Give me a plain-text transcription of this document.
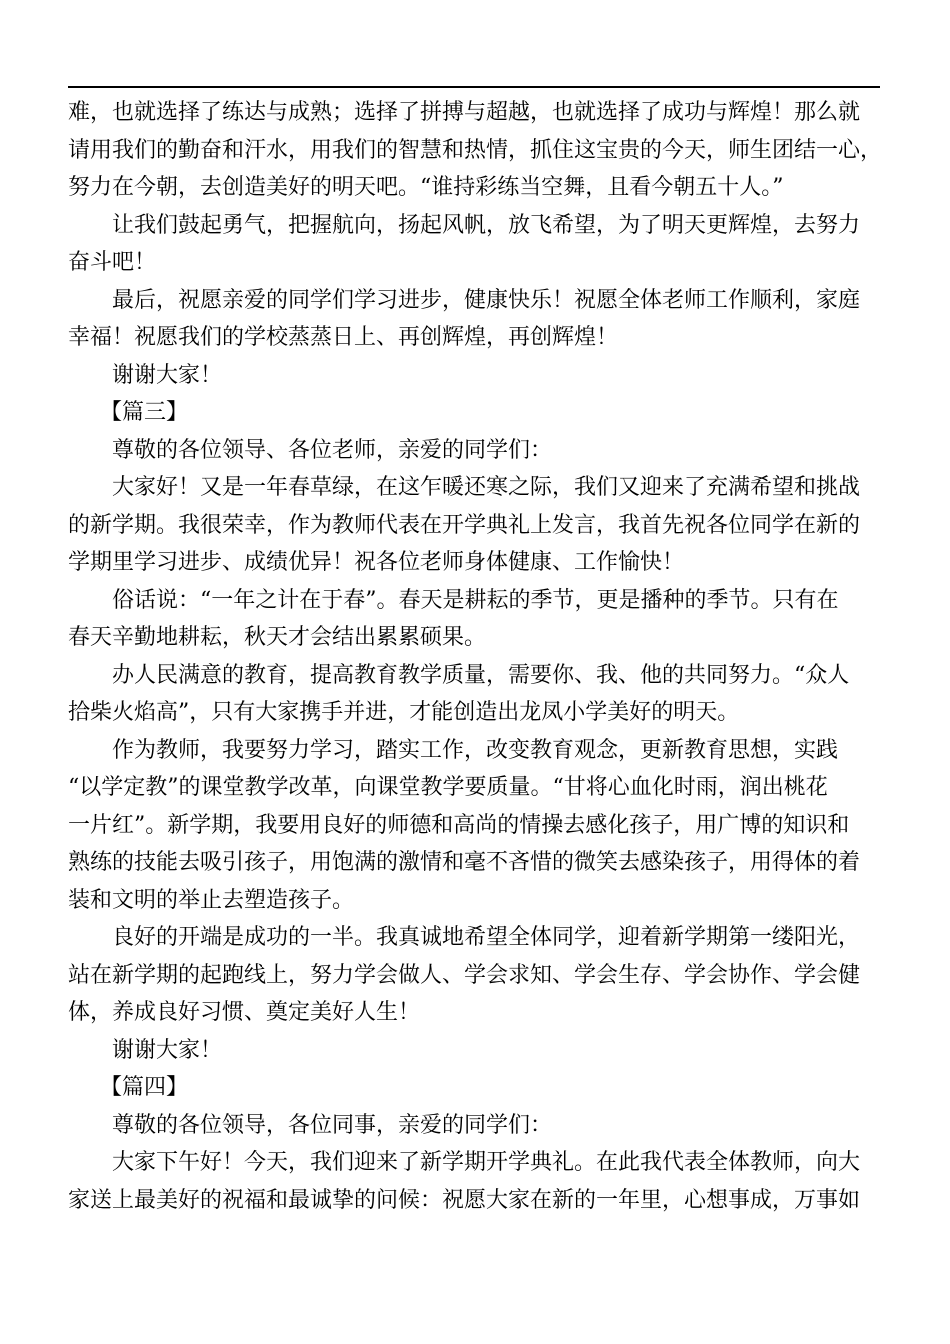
难，也就选择了练达与成熟；选择了拼搏与超越，也就选择了成功与辉煌！那么就
请用我们的勤奋和汗水，用我们的智慧和热情，抓住这宝贵的今天，师生团结一心，
努力在今朝，去创造美好的明天吧。“谁持彩练当空舞，且看今朝五十人。”
让我们鼓起勇气，把握航向，扬起风帆，放飞希望，为了明天更辉煌，去努力
奋斗吧！
最后，祝愿亲爱的同学们学习进步，健康快乐！祝愿全体老师工作顺利，家庭
幸福！祝愿我们的学校蒸蒸日上、再创辉煌，再创辉煌！
谢谢大家！
【篇三】
尊敬的各位领导、各位老师，亲爱的同学们：
大家好！又是一年春草绿，在这乍暖还寒之际，我们又迎来了充满希望和挑战
的新学期。我很荣幸，作为教师代表在开学典礼上发言，我首先祝各位同学在新的
学期里学习进步、成绩优异！祝各位老师身体健康、工作愉快！
俗话说：“一年之计在于春”。春天是耕耘的季节，更是播种的季节。只有在
春天辛勤地耕耘，秋天才会结出累累硕果。
办人民满意的教育，提高教育教学质量，需要你、我、他的共同努力。“众人
拾柴火焰高”，只有大家携手并进，才能创造出龙凤小学美好的明天。
作为教师，我要努力学习，踏实工作，改变教育观念，更新教育思想，实践
“以学定教”的课堂教学改革，向课堂教学要质量。“甘将心血化时雨，润出桃花
一片红”。新学期，我要用良好的师德和高尚的情操去感化孩子，用广博的知识和
熟练的技能去吸引孩子，用饱满的激情和毫不吝惜的微笑去感染孩子，用得体的着
装和文明的举止去塑造孩子。
良好的开端是成功的一半。我真诚地希望全体同学，迎着新学期第一缕阳光，
站在新学期的起跑线上，努力学会做人、学会求知、学会生存、学会协作、学会健
体，养成良好习惯、奠定美好人生！
谢谢大家！
【篇四】
尊敬的各位领导，各位同事，亲爱的同学们：
大家下午好！今天，我们迎来了新学期开学典礼。在此我代表全体教师，向大
家送上最美好的祝福和最诚挚的问候：祝愿大家在新的一年里，心想事成，万事如
